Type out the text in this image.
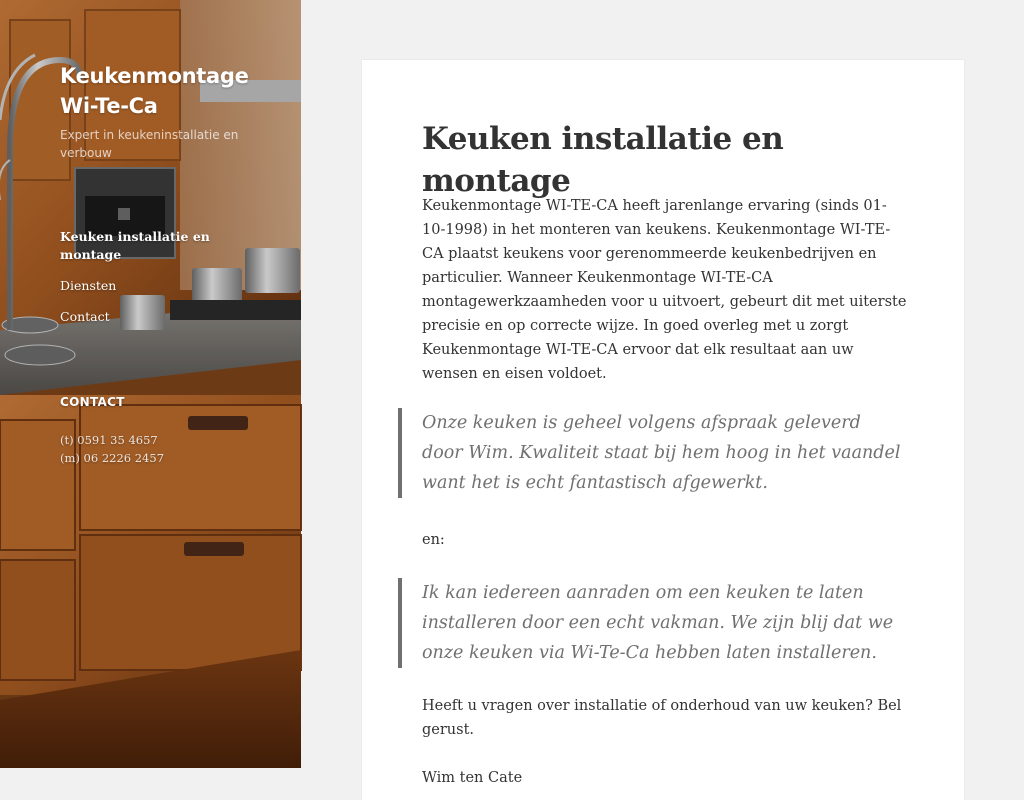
Keukenmontage Wi-Te-Ca

Expert in keukeninstallatie en verbouw

Keuken installatie en montage
Diensten
Contact
CONTACT
(t) 0591 35 4657
(m) 06 2226 2457
Keuken installatie en montage

Keukenmontage WI-TE-CA heeft jarenlange ervaring (sinds 01-10-1998) in het monteren van keukens. Keukenmontage WI-TE-CA plaatst keukens voor gerenommeerde keukenbedrijven en particulier. Wanneer Keukenmontage WI-TE-CA montagewerkzaamheden voor u uitvoert, gebeurt dit met uiterste precisie en op correcte wijze. In goed overleg met u zorgt Keukenmontage WI-TE-CA ervoor dat elk resultaat aan uw wensen en eisen voldoet.

Onze keuken is geheel volgens afspraak geleverd door Wim. Kwaliteit staat bij hem hoog in het vaandel want het is echt fantastisch afgewerkt.

en:

Ik kan iedereen aanraden om een keuken te laten installeren door een echt vakman. We zijn blij dat we onze keuken via Wi-Te-Ca hebben laten installeren.

Heeft u vragen over installatie of onderhoud van uw keuken? Bel gerust.

Wim ten Cate
